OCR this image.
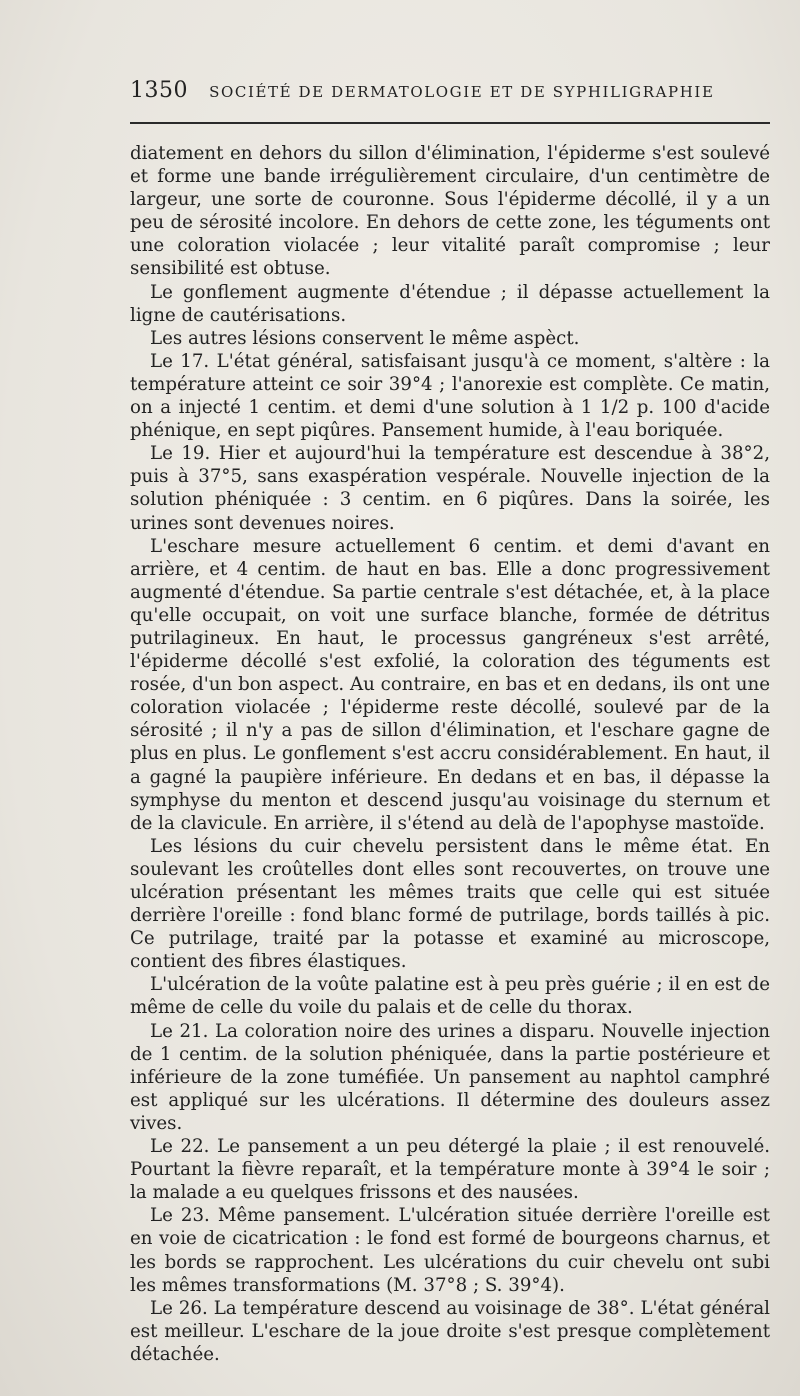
1350 SOCIÉTÉ DE DERMATOLOGIE ET DE SYPHILIGRAPHIE

diatement en dehors du sillon d'élimination, l'épiderme s'est soulevé et forme une bande irrégulièrement circulaire, d'un centimètre de largeur, une sorte de couronne. Sous l'épiderme décollé, il y a un peu de sérosité incolore. En dehors de cette zone, les téguments ont une coloration violacée ; leur vitalité paraît compromise ; leur sensibilité est obtuse.

Le gonflement augmente d'étendue ; il dépasse actuellement la ligne de cautérisations.

Les autres lésions conservent le même aspèct.

Le 17. L'état général, satisfaisant jusqu'à ce moment, s'altère : la température atteint ce soir 39°4 ; l'anorexie est complète. Ce matin, on a injecté 1 centim. et demi d'une solution à 1 1/2 p. 100 d'acide phénique, en sept piqûres. Pansement humide, à l'eau boriquée.

Le 19. Hier et aujourd'hui la température est descendue à 38°2, puis à 37°5, sans exaspération vespérale. Nouvelle injection de la solution phéniquée : 3 centim. en 6 piqûres. Dans la soirée, les urines sont devenues noires.

L'eschare mesure actuellement 6 centim. et demi d'avant en arrière, et 4 centim. de haut en bas. Elle a donc progressivement augmenté d'étendue. Sa partie centrale s'est détachée, et, à la place qu'elle occupait, on voit une surface blanche, formée de détritus putrilagineux. En haut, le processus gangréneux s'est arrêté, l'épiderme décollé s'est exfolié, la coloration des téguments est rosée, d'un bon aspect. Au contraire, en bas et en dedans, ils ont une coloration violacée ; l'épiderme reste décollé, soulevé par de la sérosité ; il n'y a pas de sillon d'élimination, et l'eschare gagne de plus en plus. Le gonflement s'est accru considérablement. En haut, il a gagné la paupière inférieure. En dedans et en bas, il dépasse la symphyse du menton et descend jusqu'au voisinage du sternum et de la clavicule. En arrière, il s'étend au delà de l'apophyse mastoïde.

Les lésions du cuir chevelu persistent dans le même état. En soulevant les croûtelles dont elles sont recouvertes, on trouve une ulcération présentant les mêmes traits que celle qui est située derrière l'oreille : fond blanc formé de putrilage, bords taillés à pic. Ce putrilage, traité par la potasse et examiné au microscope, contient des fibres élastiques.

L'ulcération de la voûte palatine est à peu près guérie ; il en est de même de celle du voile du palais et de celle du thorax.

Le 21. La coloration noire des urines a disparu. Nouvelle injection de 1 centim. de la solution phéniquée, dans la partie postérieure et inférieure de la zone tuméfiée. Un pansement au naphtol camphré est appliqué sur les ulcérations. Il détermine des douleurs assez vives.

Le 22. Le pansement a un peu détergé la plaie ; il est renouvelé. Pourtant la fièvre reparaît, et la température monte à 39°4 le soir ; la malade a eu quelques frissons et des nausées.

Le 23. Même pansement. L'ulcération située derrière l'oreille est en voie de cicatrication : le fond est formé de bourgeons charnus, et les bords se rapprochent. Les ulcérations du cuir chevelu ont subi les mêmes transformations (M. 37°8 ; S. 39°4).

Le 26. La température descend au voisinage de 38°. L'état général est meilleur. L'eschare de la joue droite s'est presque complètement détachée.
